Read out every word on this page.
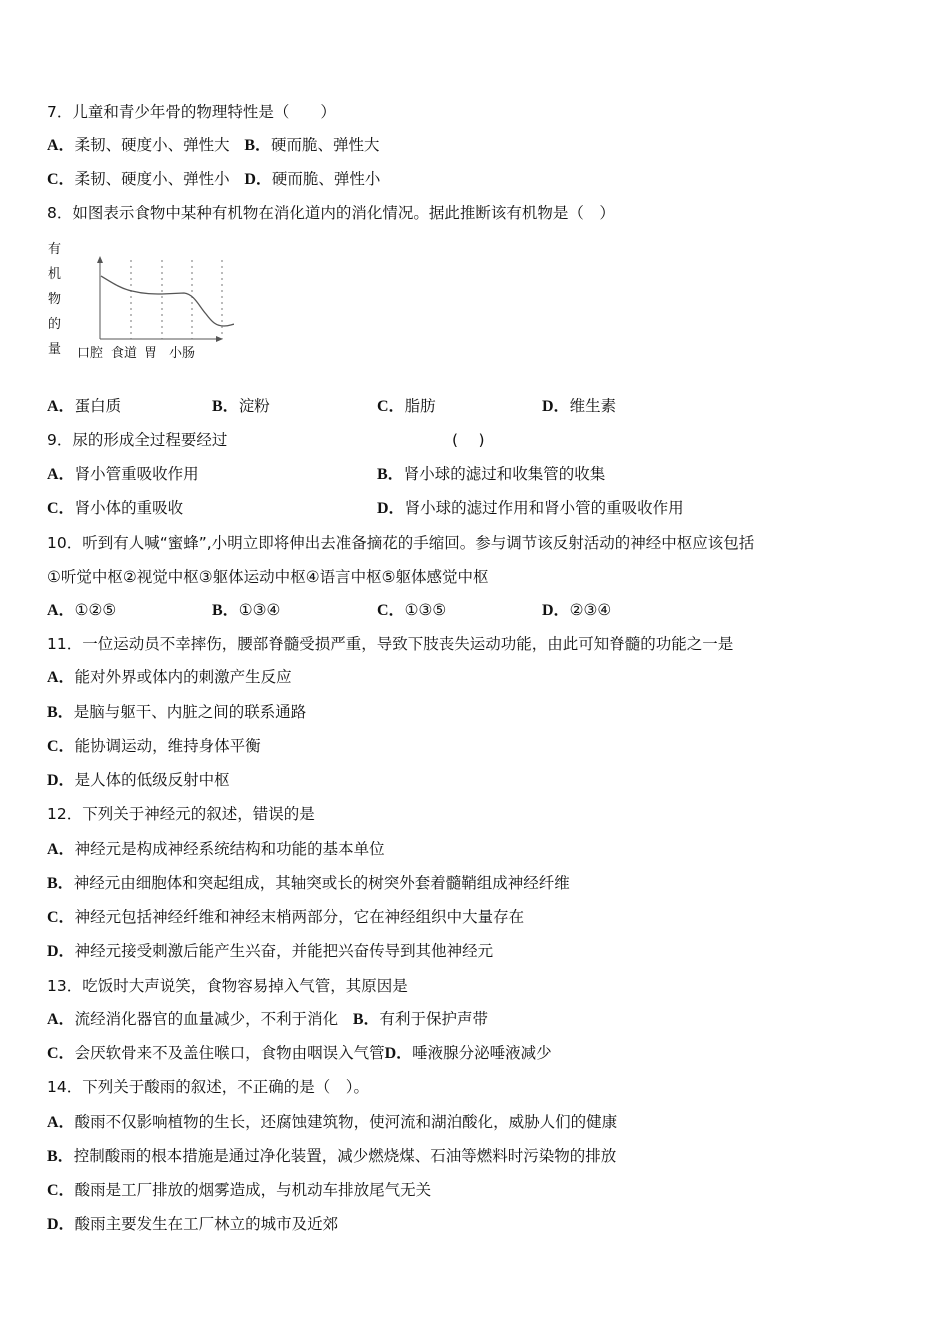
7．儿童和青少年骨的物理特性是（　　）
A．柔韧、硬度小、弹性大 B．硬而脆、弹性大
C．柔韧、硬度小、弹性小 D．硬而脆、弹性小
8．如图表示食物中某种有机物在消化道内的消化情况。据此推断该有机物是（　）
有
机
物
的
量 口腔 食道 胃 小肠
A．蛋白质	B．淀粉	C．脂肪	D．维生素
9．尿的形成全过程要经过	(　 )
A．肾小管重吸收作用	B．肾小球的滤过和收集管的收集
C．肾小体的重吸收	D．肾小球的滤过作用和肾小管的重吸收作用
10．听到有人喊“蜜蜂”,小明立即将伸出去准备摘花的手缩回。参与调节该反射活动的神经中枢应该包括
①听觉中枢②视觉中枢③躯体运动中枢④语言中枢⑤躯体感觉中枢
A．①②⑤	B．①③④	C．①③⑤	D．②③④
11．一位运动员不幸摔伤，腰部脊髓受损严重，导致下肢丧失运动功能，由此可知脊髓的功能之一是
A．能对外界或体内的刺激产生反应
B．是脑与躯干、内脏之间的联系通路
C．能协调运动，维持身体平衡
D．是人体的低级反射中枢
12．下列关于神经元的叙述，错误的是
A．神经元是构成神经系统结构和功能的基本单位
B．神经元由细胞体和突起组成，其轴突或长的树突外套着髓鞘组成神经纤维
C．神经元包括神经纤维和神经末梢两部分，它在神经组织中大量存在
D．神经元接受刺激后能产生兴奋，并能把兴奋传导到其他神经元
13．吃饭时大声说笑，食物容易掉入气管，其原因是
A．流经消化器官的血量减少，不利于消化 B．有利于保护声带
C．会厌软骨来不及盖住喉口，食物由咽误入气管D．唾液腺分泌唾液减少
14．下列关于酸雨的叙述，不正确的是（　）。
A．酸雨不仅影响植物的生长，还腐蚀建筑物，使河流和湖泊酸化，威胁人们的健康
B．控制酸雨的根本措施是通过净化装置，减少燃烧煤、石油等燃料时污染物的排放
C．酸雨是工厂排放的烟雾造成，与机动车排放尾气无关
D．酸雨主要发生在工厂林立的城市及近郊
